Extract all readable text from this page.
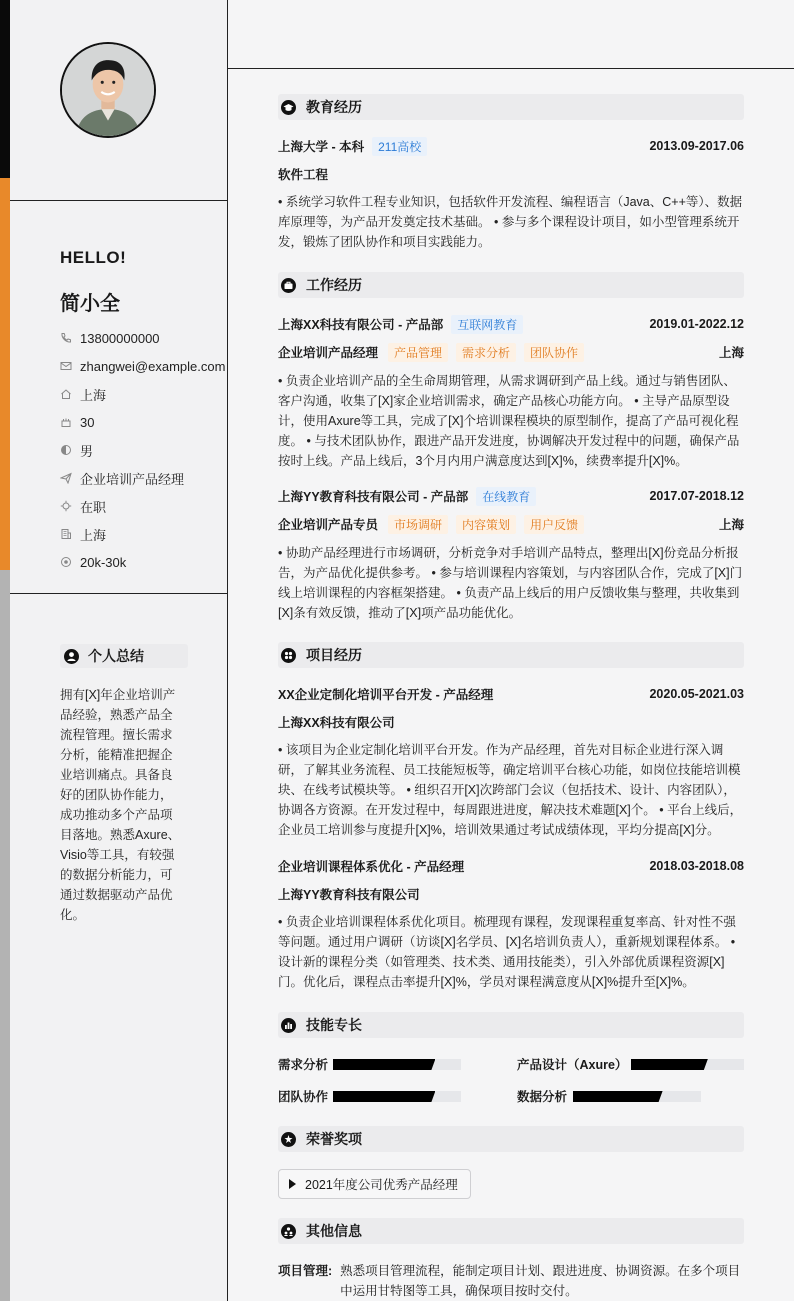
HELLO!
简小全
13800000000
zhangwei@example.com
上海
30
男
企业培训产品经理
在职
上海
20k-30k
个人总结
拥有[X]年企业培训产品经验，熟悉产品全流程管理。擅长需求分析，能精准把握企业培训痛点。具备良好的团队协作能力，成功推动多个产品项目落地。熟悉Axure、Visio等工具，有较强的数据分析能力，可通过数据驱动产品优化。
教育经历
上海大学 - 本科	211高校	2013.09-2017.06
软件工程
• 系统学习软件工程专业知识，包括软件开发流程、编程语言（Java、C++等）、数据库原理等，为产品开发奠定技术基础。 • 参与多个课程设计项目，如小型管理系统开发，锻炼了团队协作和项目实践能力。
工作经历
上海XX科技有限公司 - 产品部	互联网教育	2019.01-2022.12
企业培训产品经理	产品管理	需求分析	团队协作	上海
• 负责企业培训产品的全生命周期管理，从需求调研到产品上线。通过与销售团队、客户沟通，收集了[X]家企业培训需求，确定产品核心功能方向。 • 主导产品原型设计，使用Axure等工具，完成了[X]个培训课程模块的原型制作，提高了产品可视化程度。 • 与技术团队协作，跟进产品开发进度，协调解决开发过程中的问题，确保产品按时上线。产品上线后，3个月内用户满意度达到[X]%，续费率提升[X]%。
上海YY教育科技有限公司 - 产品部	在线教育	2017.07-2018.12
企业培训产品专员	市场调研	内容策划	用户反馈	上海
• 协助产品经理进行市场调研，分析竞争对手培训产品特点，整理出[X]份竞品分析报告，为产品优化提供参考。 • 参与培训课程内容策划，与内容团队合作，完成了[X]门线上培训课程的内容框架搭建。 • 负责产品上线后的用户反馈收集与整理，共收集到[X]条有效反馈，推动了[X]项产品功能优化。
项目经历
XX企业定制化培训平台开发 - 产品经理	2020.05-2021.03
上海XX科技有限公司
• 该项目为企业定制化培训平台开发。作为产品经理，首先对目标企业进行深入调研，了解其业务流程、员工技能短板等，确定培训平台核心功能，如岗位技能培训模块、在线考试模块等。 • 组织召开[X]次跨部门会议（包括技术、设计、内容团队），协调各方资源。在开发过程中，每周跟进进度，解决技术难题[X]个。 • 平台上线后，企业员工培训参与度提升[X]%，培训效果通过考试成绩体现，平均分提高[X]分。
企业培训课程体系优化 - 产品经理	2018.03-2018.08
上海YY教育科技有限公司
• 负责企业培训课程体系优化项目。梳理现有课程，发现课程重复率高、针对性不强等问题。通过用户调研（访谈[X]名学员、[X]名培训负责人），重新规划课程体系。 • 设计新的课程分类（如管理类、技术类、通用技能类），引入外部优质课程资源[X]门。优化后，课程点击率提升[X]%，学员对课程满意度从[X]%提升至[X]%。
技能专长
需求分析	产品设计（Axure）
团队协作	数据分析
荣誉奖项
2021年度公司优秀产品经理
其他信息
项目管理: 熟悉项目管理流程，能制定项目计划、跟进进度、协调资源。在多个项目中运用甘特图等工具，确保项目按时交付。
